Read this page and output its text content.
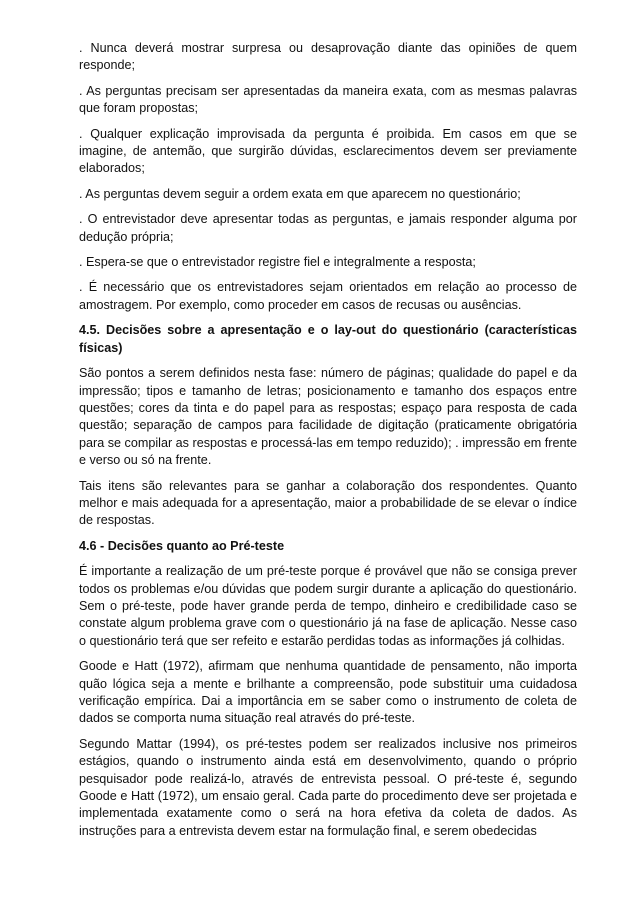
. Nunca deverá mostrar surpresa ou desaprovação diante das opiniões de quem responde;

. As perguntas precisam ser apresentadas da maneira exata, com as mesmas palavras que foram propostas;

. Qualquer explicação improvisada da pergunta é proibida. Em casos em que se imagine, de antemão, que surgirão dúvidas, esclarecimentos devem ser previamente elaborados;

. As perguntas devem seguir a ordem exata em que aparecem no questionário;

. O entrevistador deve apresentar todas as perguntas, e jamais responder alguma por dedução própria;

. Espera-se que o entrevistador registre fiel e integralmente a resposta;

. É necessário que os entrevistadores sejam orientados em relação ao processo de amostragem. Por exemplo, como proceder em casos de recusas ou ausências.

4.5. Decisões sobre a apresentação e o lay-out do questionário (características físicas)

São pontos a serem definidos nesta fase: número de páginas; qualidade do papel e da impressão; tipos e tamanho de letras; posicionamento e tamanho dos espaços entre questões; cores da tinta e do papel para as respostas; espaço para resposta de cada questão; separação de campos para facilidade de digitação (praticamente obrigatória para se compilar as respostas e processá-las em tempo reduzido); . impressão em frente e verso ou só na frente.

Tais itens são relevantes para se ganhar a colaboração dos respondentes. Quanto melhor e mais adequada for a apresentação, maior a probabilidade de se elevar o índice de respostas.

4.6 - Decisões quanto ao Pré-teste

É importante a realização de um pré-teste porque é provável que não se consiga prever todos os problemas e/ou dúvidas que podem surgir durante a aplicação do questionário. Sem o pré-teste, pode haver grande perda de tempo, dinheiro e credibilidade caso se constate algum problema grave com o questionário já na fase de aplicação. Nesse caso o questionário terá que ser refeito e estarão perdidas todas as informações já colhidas.

Goode e Hatt (1972), afirmam que nenhuma quantidade de pensamento, não importa quão lógica seja a mente e brilhante a compreensão, pode substituir uma cuidadosa verificação empírica. Dai a importância em se saber como o instrumento de coleta de dados se comporta numa situação real através do pré-teste.

Segundo Mattar (1994), os pré-testes podem ser realizados inclusive nos primeiros estágios, quando o instrumento ainda está em desenvolvimento, quando o próprio pesquisador pode realizá-lo, através de entrevista pessoal. O pré-teste é, segundo Goode e Hatt (1972), um ensaio geral. Cada parte do procedimento deve ser projetada e implementada exatamente como o será na hora efetiva da coleta de dados. As instruções para a entrevista devem estar na formulação final, e serem obedecidas
